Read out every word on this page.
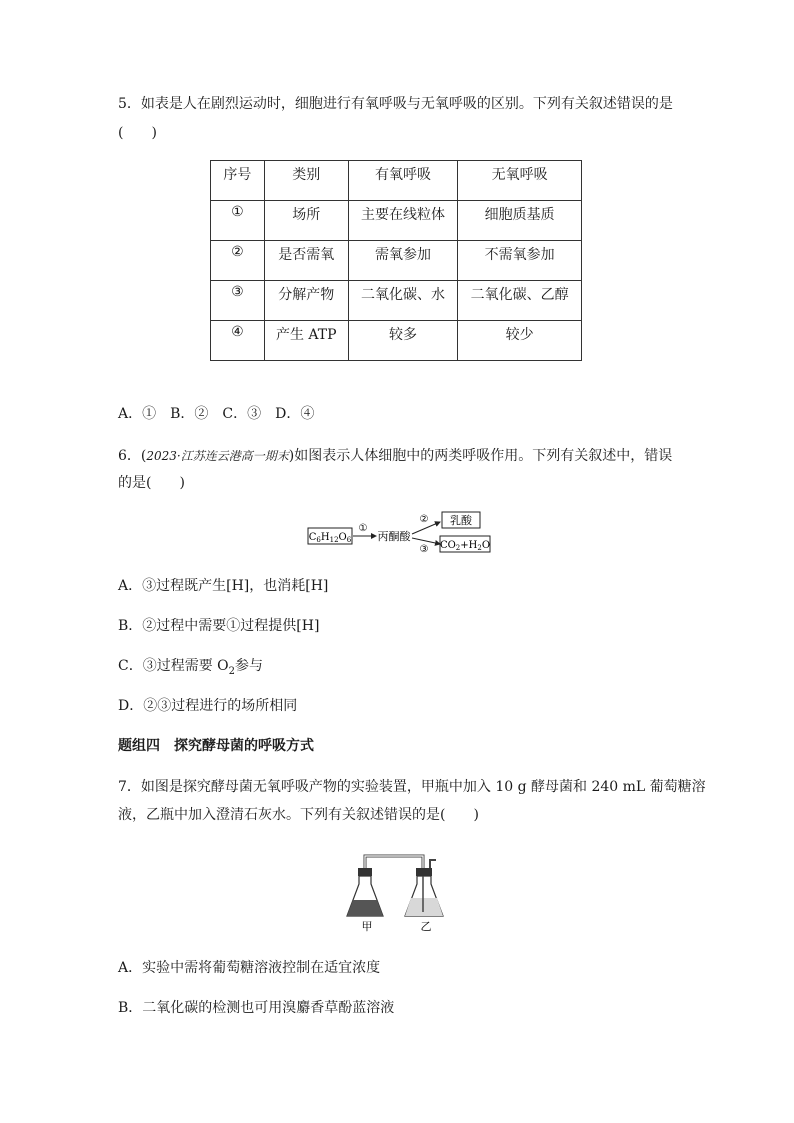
5．如表是人在剧烈运动时，细胞进行有氧呼吸与无氧呼吸的区别。下列有关叙述错误的是
(　　)
序号	类别	有氧呼吸	无氧呼吸
①	场所	主要在线粒体	细胞质基质
②	是否需氧	需氧参加	不需氧参加
③	分解产物	二氧化碳、水	二氧化碳、乙醇
④	产生 ATP	较多	较少
A．①　B．②　C．③　D．④
6．(2023·江苏连云港高一期末)如图表示人体细胞中的两类呼吸作用。下列有关叙述中，错误
的是(　　)
$C_6H_{12}O_6$
①
丙酮酸
②
③
乳酸
$CO_2+H_2O$
A．③过程既产生[H]，也消耗[H]
B．②过程中需要①过程提供[H]
C．③过程需要 $O_2$参与
D．②③过程进行的场所相同
题组四　 探究酵母菌的呼吸方式
7．如图是探究酵母菌无氧呼吸产物的实验装置，甲瓶中加入 10 g 酵母菌和 240 mL 葡萄糖溶
液，乙瓶中加入澄清石灰水。下列有关叙述错误的是(　　)
甲	乙
A．实验中需将葡萄糖溶液控制在适宜浓度
B．二氧化碳的检测也可用溴麝香草酚蓝溶液
